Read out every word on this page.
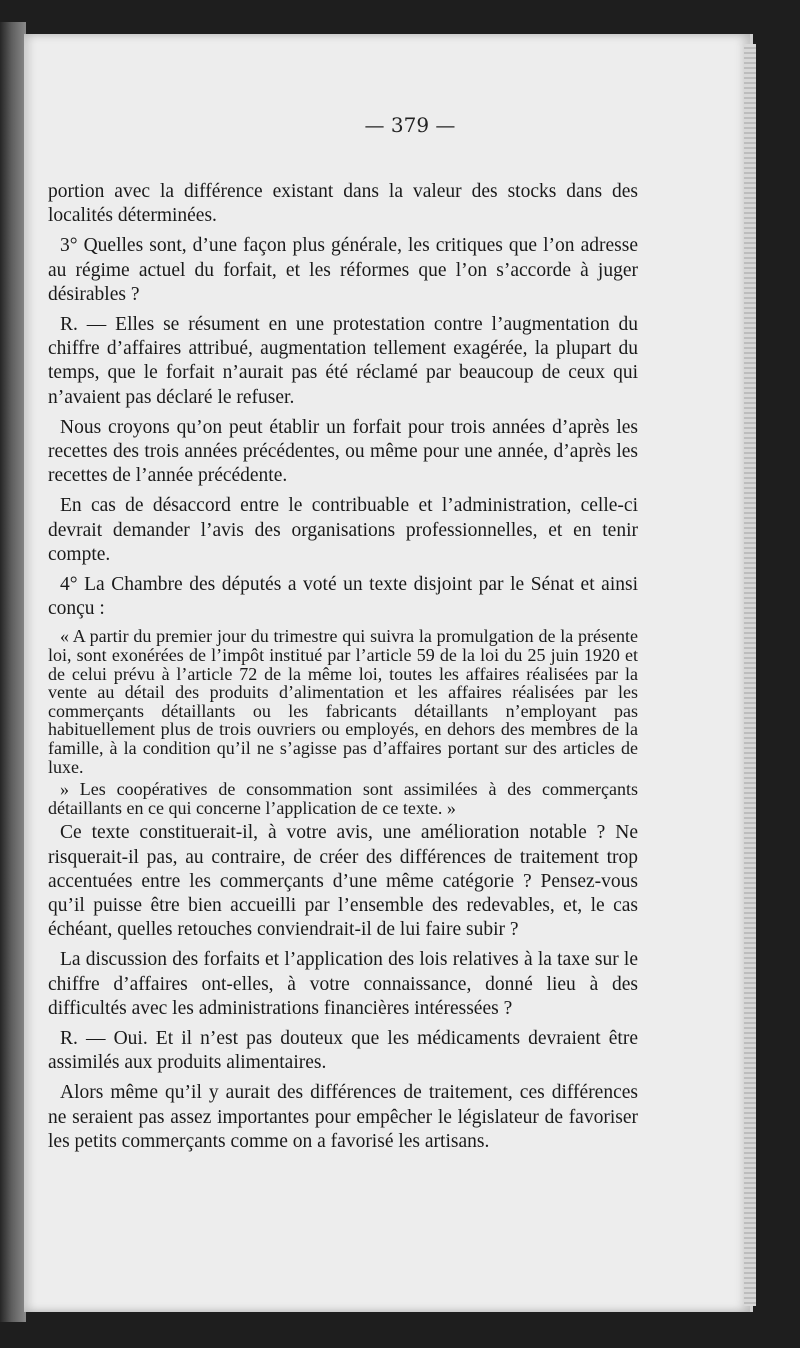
— 379 —

portion avec la différence existant dans la valeur des stocks dans des localités déterminées.

3° Quelles sont, d’une façon plus générale, les critiques que l’on adresse au régime actuel du forfait, et les réformes que l’on s’accorde à juger désirables ?

R. — Elles se résument en une protestation contre l’augmentation du chiffre d’affaires attribué, augmentation tellement exagérée, la plupart du temps, que le forfait n’aurait pas été réclamé par beaucoup de ceux qui n’avaient pas déclaré le refuser.

Nous croyons qu’on peut établir un forfait pour trois années d’après les recettes des trois années précédentes, ou même pour une année, d’après les recettes de l’année précédente.

En cas de désaccord entre le contribuable et l’administration, celle-ci devrait demander l’avis des organisations professionnelles, et en tenir compte.

4° La Chambre des députés a voté un texte disjoint par le Sénat et ainsi conçu :

« A partir du premier jour du trimestre qui suivra la promulgation de la présente loi, sont exonérées de l’impôt institué par l’article 59 de la loi du 25 juin 1920 et de celui prévu à l’article 72 de la même loi, toutes les affaires réalisées par la vente au détail des produits d’alimentation et les affaires réalisées par les commerçants détaillants ou les fabricants détaillants n’employant pas habituellement plus de trois ouvriers ou employés, en dehors des membres de la famille, à la condition qu’il ne s’agisse pas d’affaires portant sur des articles de luxe.

» Les coopératives de consommation sont assimilées à des commerçants détaillants en ce qui concerne l’application de ce texte. »

Ce texte constituerait-il, à votre avis, une amélioration notable ? Ne risquerait-il pas, au contraire, de créer des différences de traitement trop accentuées entre les commerçants d’une même catégorie ? Pensez-vous qu’il puisse être bien accueilli par l’ensemble des redevables, et, le cas échéant, quelles retouches conviendrait-il de lui faire subir ?

La discussion des forfaits et l’application des lois relatives à la taxe sur le chiffre d’affaires ont-elles, à votre connaissance, donné lieu à des difficultés avec les administrations financières intéressées ?

R. — Oui. Et il n’est pas douteux que les médicaments devraient être assimilés aux produits alimentaires.

Alors même qu’il y aurait des différences de traitement, ces différences ne seraient pas assez importantes pour empêcher le législateur de favoriser les petits commerçants comme on a favorisé les artisans.
